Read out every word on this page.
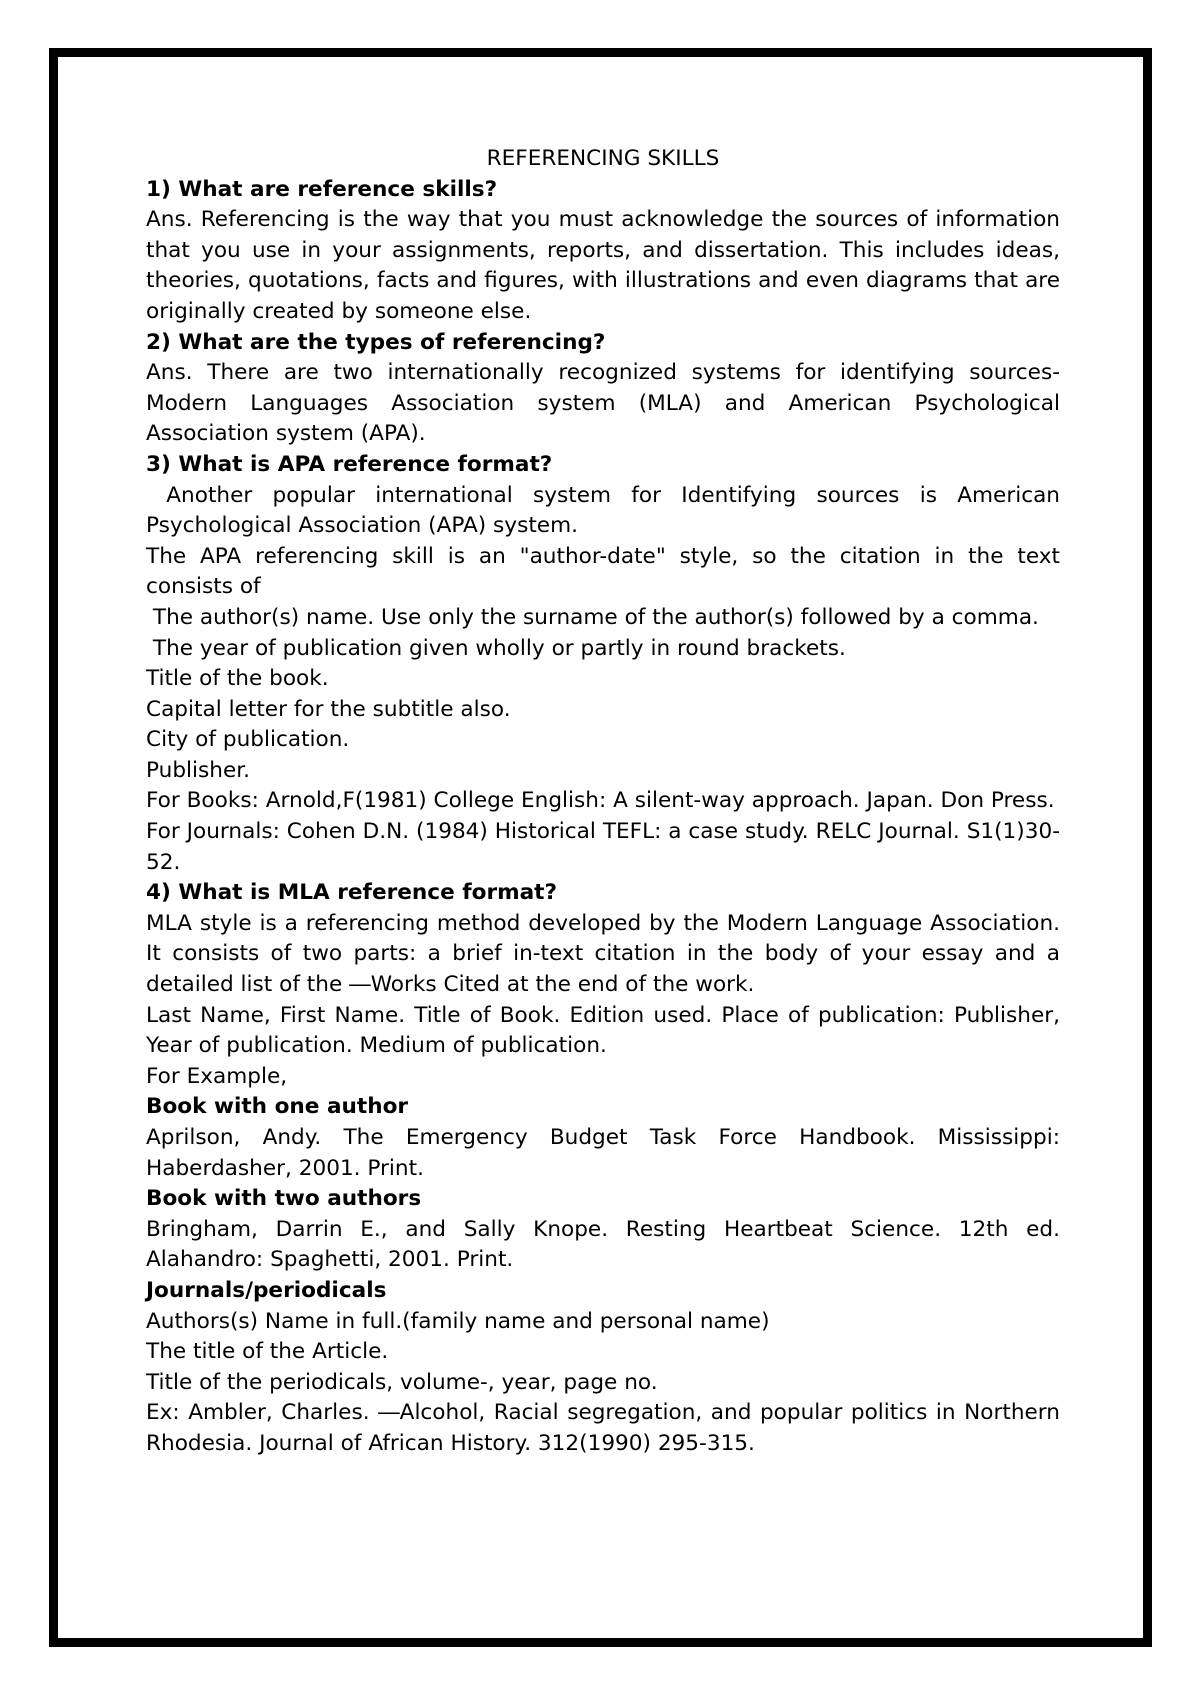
REFERENCING SKILLS

1) What are reference skills?

Ans. Referencing is the way that you must acknowledge the sources of information that you use in your assignments, reports, and dissertation. This includes ideas, theories, quotations, facts and figures, with illustrations and even diagrams that are originally created by someone else.

2) What are the types of referencing?

Ans. There are two internationally recognized systems for identifying sources-Modern Languages Association system (MLA) and American Psychological Association system (APA).

3) What is APA reference format?

Another popular international system for Identifying sources is American Psychological Association (APA) system.

The APA referencing skill is an "author-date" style, so the citation in the text consists of

The author(s) name. Use only the surname of the author(s) followed by a comma.

The year of publication given wholly or partly in round brackets.

Title of the book.

Capital letter for the subtitle also.

City of publication.

Publisher.

For Books: Arnold,F(1981) College English: A silent-way approach. Japan. Don Press.

For Journals: Cohen D.N. (1984) Historical TEFL: a case study. RELC Journal. S1(1)30-52.

4) What is MLA reference format?

MLA style is a referencing method developed by the Modern Language Association. It consists of two parts: a brief in-text citation in the body of your essay and a detailed list of the ―Works Cited at the end of the work.

Last Name, First Name. Title of Book. Edition used. Place of publication: Publisher, Year of publication. Medium of publication.

For Example,

Book with one author

Aprilson, Andy. The Emergency Budget Task Force Handbook. Mississippi: Haberdasher, 2001. Print.

Book with two authors

Bringham, Darrin E., and Sally Knope. Resting Heartbeat Science. 12th ed. Alahandro: Spaghetti, 2001. Print.

Journals/periodicals

Authors(s) Name in full.(family name and personal name)

The title of the Article.

Title of the periodicals, volume-, year, page no.

Ex: Ambler, Charles. ―Alcohol, Racial segregation, and popular politics in Northern Rhodesia. Journal of African History. 312(1990) 295-315.
